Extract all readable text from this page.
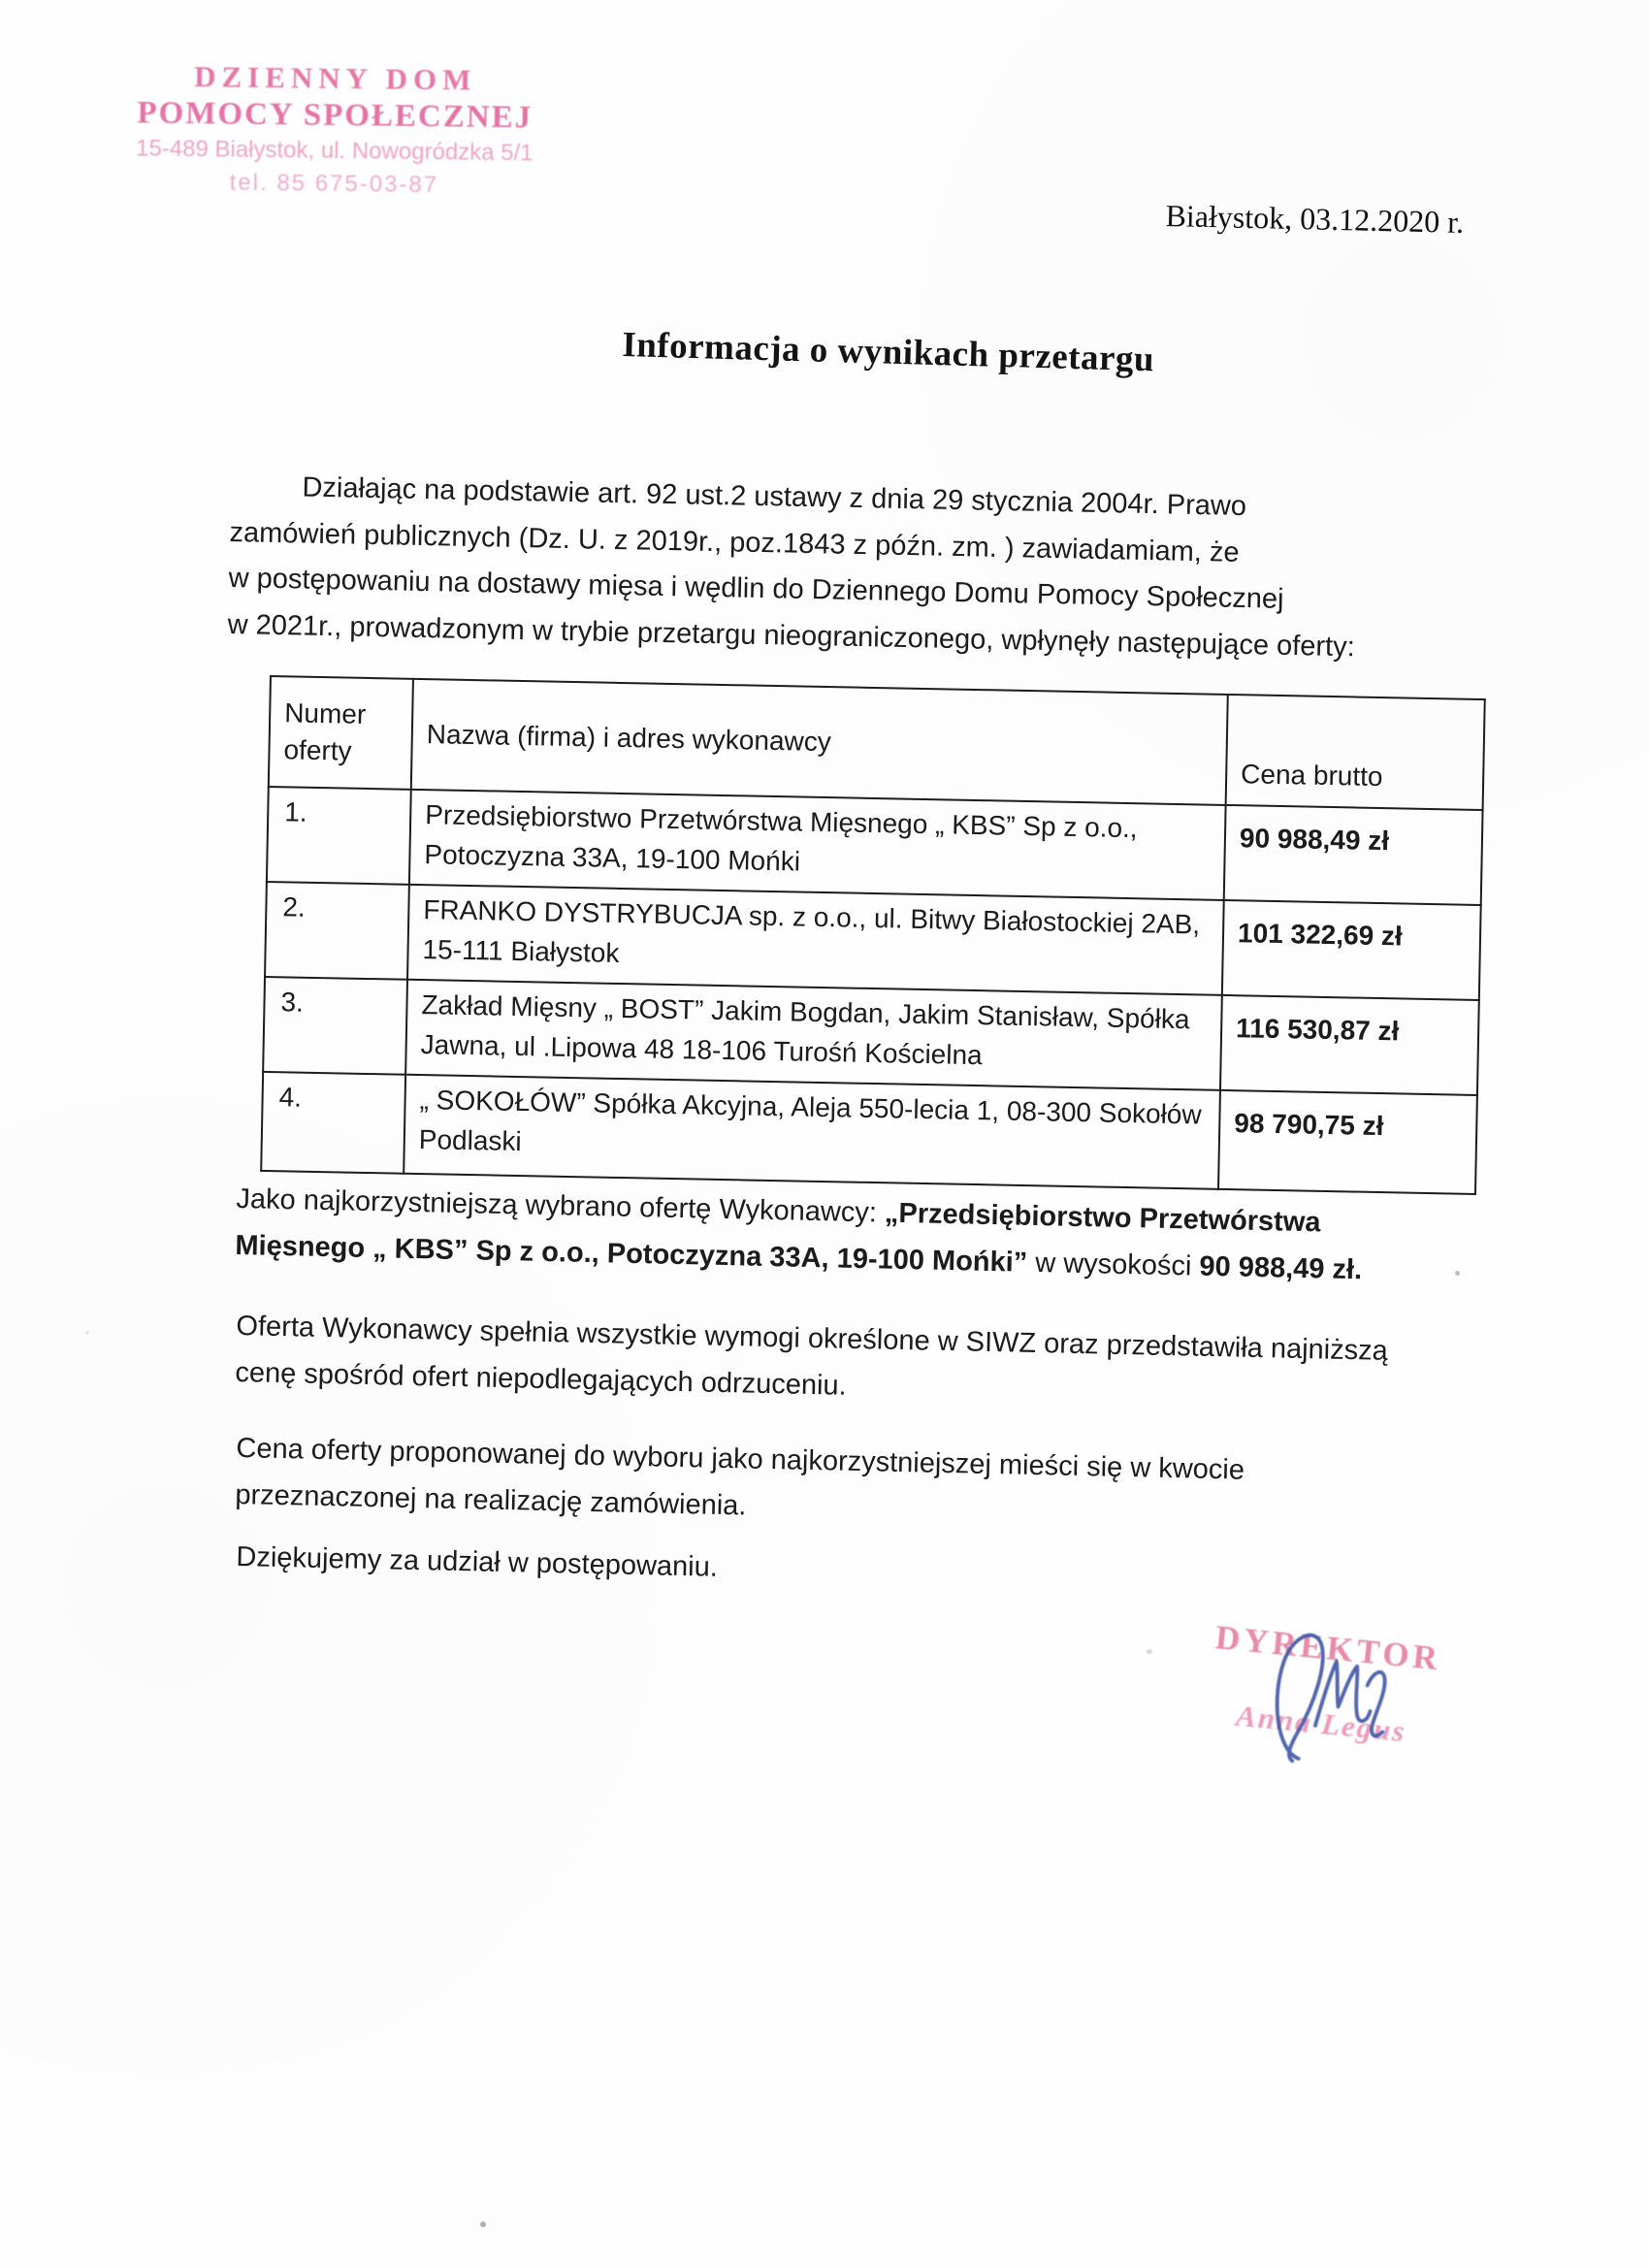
DZIENNY DOM
POMOCY SPOŁECZNEJ
15-489 Białystok, ul. Nowogródzka 5/1
tel. 85 675-03-87
Białystok, 03.12.2020 r.
Informacja o wynikach przetargu
Działając na podstawie art. 92 ust.2 ustawy z dnia 29 stycznia 2004r. Prawo
zamówień publicznych (Dz. U. z 2019r., poz.1843 z późn. zm. ) zawiadamiam, że
w postępowaniu na dostawy mięsa i wędlin do Dziennego Domu Pomocy Społecznej
w 2021r., prowadzonym w trybie przetargu nieograniczonego, wpłynęły następujące oferty:
Numer oferty	Nazwa (firma) i adres wykonawcy	Cena brutto
1.	Przedsiębiorstwo Przetwórstwa Mięsnego „ KBS” Sp z o.o., Potoczyzna 33A, 19-100 Mońki	90 988,49 zł
2.	FRANKO DYSTRYBUCJA sp. z o.o., ul. Bitwy Białostockiej 2AB, 15-111 Białystok	101 322,69 zł
3.	Zakład Mięsny „ BOST” Jakim Bogdan, Jakim Stanisław, Spółka Jawna, ul .Lipowa 48 18-106 Turośń Kościelna	116 530,87 zł
4.	„ SOKOŁÓW” Spółka Akcyjna, Aleja 550-lecia 1, 08-300 Sokołów Podlaski	98 790,75 zł
Jako najkorzystniejszą wybrano ofertę Wykonawcy: „Przedsiębiorstwo Przetwórstwa
Mięsnego „ KBS” Sp z o.o., Potoczyzna 33A, 19-100 Mońki” w wysokości 90 988,49 zł.
Oferta Wykonawcy spełnia wszystkie wymogi określone w SIWZ oraz przedstawiła najniższą
cenę spośród ofert niepodlegających odrzuceniu.
Cena oferty proponowanej do wyboru jako najkorzystniejszej mieści się w kwocie
przeznaczonej na realizację zamówienia.
Dziękujemy za udział w postępowaniu.
DYREKTOR
Anna Legus
